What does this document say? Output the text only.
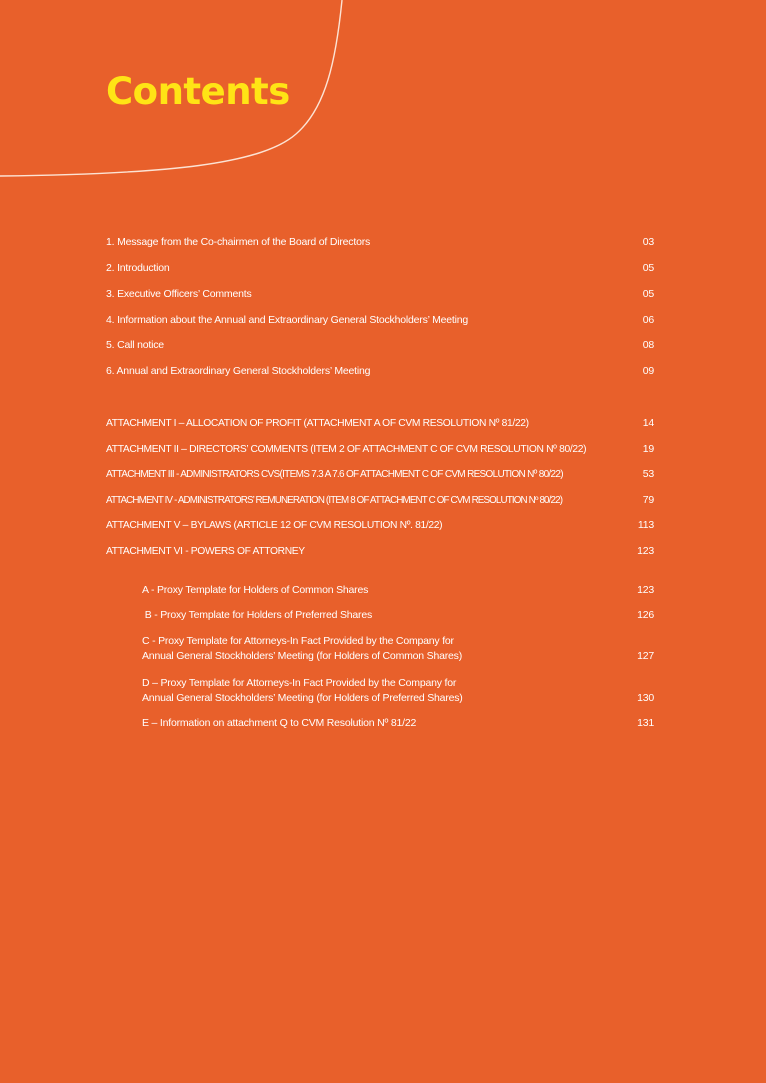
Contents
1. Message from the Co-chairmen of the Board of Directors	03
2. Introduction	05
3. Executive Officers’ Comments	05
4. Information about the Annual and Extraordinary General Stockholders’ Meeting	06
5. Call notice	08
6. Annual and Extraordinary General Stockholders’ Meeting	09
ATTACHMENT I – ALLOCATION OF PROFIT (ATTACHMENT A OF CVM RESOLUTION Nº 81/22)	14
ATTACHMENT II – DIRECTORS’ COMMENTS (ITEM 2 OF ATTACHMENT C OF CVM RESOLUTION Nº 80/22)	19
ATTACHMENT III - ADMINISTRATORS CVS(ITEMS 7.3 A 7.6 OF ATTACHMENT C OF CVM RESOLUTION Nº 80/22)	53
ATTACHMENT IV - ADMINISTRATORS’ REMUNERATION (ITEM 8 OF ATTACHMENT C OF CVM RESOLUTION Nº 80/22)	79
ATTACHMENT V – BYLAWS (ARTICLE 12 OF CVM RESOLUTION Nº. 81/22)	113
ATTACHMENT VI - POWERS OF ATTORNEY	123
A - Proxy Template for Holders of Common Shares	123
B - Proxy Template for Holders of Preferred Shares	126
C - Proxy Template for Attorneys-In Fact Provided by the Company for
Annual General Stockholders’ Meeting (for Holders of Common Shares)	127
D – Proxy Template for Attorneys-In Fact Provided by the Company for
Annual General Stockholders’ Meeting (for Holders of Preferred Shares)	130
E – Information on attachment Q to CVM Resolution Nº 81/22	131
